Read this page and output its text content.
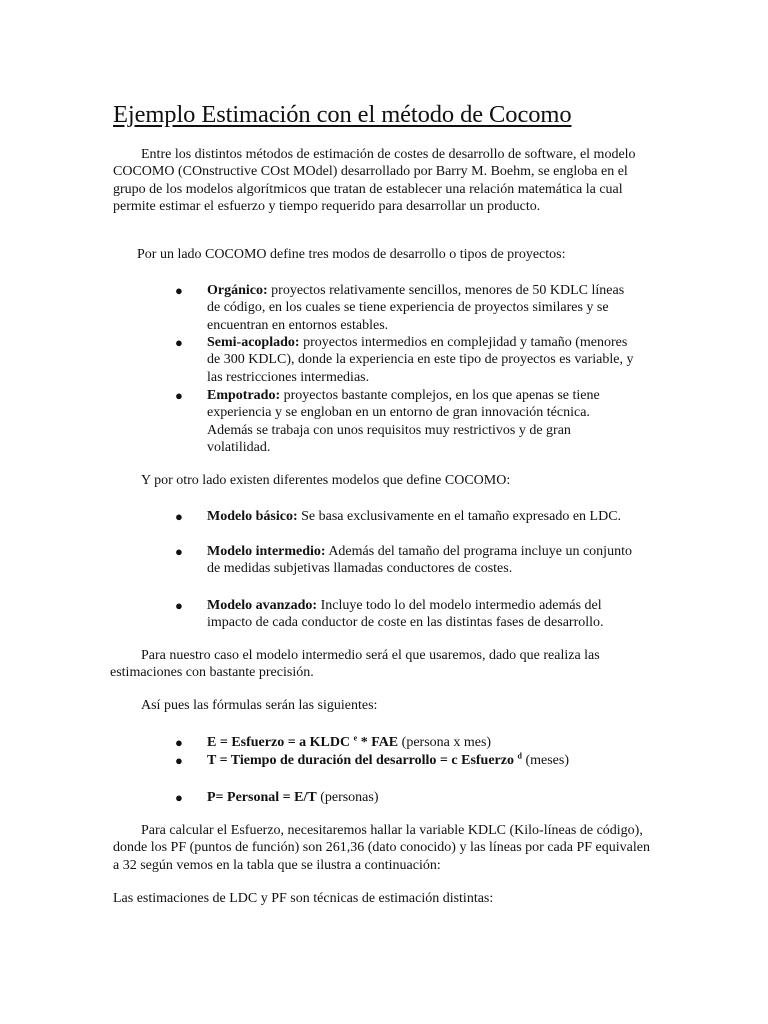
Ejemplo Estimación con el método de Cocomo

Entre los distintos métodos de estimación de costes de desarrollo de software, el modelo COCOMO (COnstructive COst MOdel) desarrollado por Barry M. Boehm, se engloba en el grupo de los modelos algorítmicos que tratan de establecer una relación matemática la cual permite estimar el esfuerzo y tiempo requerido para desarrollar un producto.

Por un lado COCOMO define tres modos de desarrollo o tipos de proyectos:

● Orgánico: proyectos relativamente sencillos, menores de 50 KDLC líneas de código, en los cuales se tiene experiencia de proyectos similares y se encuentran en entornos estables.
● Semi-acoplado: proyectos intermedios en complejidad y tamaño (menores de 300 KDLC), donde la experiencia en este tipo de proyectos es variable, y las restricciones intermedias.
● Empotrado: proyectos bastante complejos, en los que apenas se tiene experiencia y se engloban en un entorno de gran innovación técnica. Además se trabaja con unos requisitos muy restrictivos y de gran volatilidad.

Y por otro lado existen diferentes modelos que define COCOMO:

● Modelo básico: Se basa exclusivamente en el tamaño expresado en LDC.
● Modelo intermedio: Además del tamaño del programa incluye un conjunto de medidas subjetivas llamadas conductores de costes.
● Modelo avanzado: Incluye todo lo del modelo intermedio además del impacto de cada conductor de coste en las distintas fases de desarrollo.

Para nuestro caso el modelo intermedio será el que usaremos, dado que realiza las estimaciones con bastante precisión.

Así pues las fórmulas serán las siguientes:

● E = Esfuerzo = a KLDC $^e$ * FAE (persona x mes)
● T = Tiempo de duración del desarrollo = c Esfuerzo $^d$ (meses)
● P= Personal = E/T (personas)

Para calcular el Esfuerzo, necesitaremos hallar la variable KDLC (Kilo-líneas de código), donde los PF (puntos de función) son 261,36 (dato conocido) y las líneas por cada PF equivalen a 32 según vemos en la tabla que se ilustra a continuación:

Las estimaciones de LDC y PF son técnicas de estimación distintas:
